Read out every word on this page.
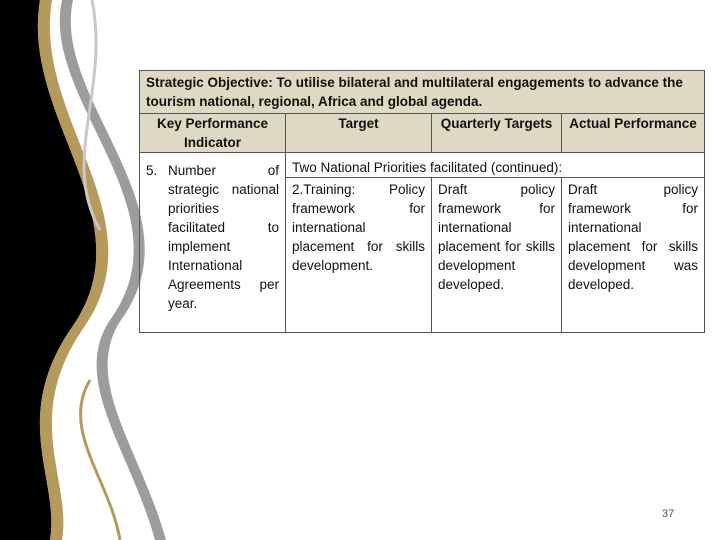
Strategic Objective: To utilise bilateral and multilateral engagements to advance the tourism national, regional, Africa and global agenda.			
Key Performance Indicator	Target	Quarterly Targets	Actual Performance

5. Number of strategic national priorities facilitated to implement International Agreements per year.	Two National Priorities facilitated (continued):		
	2.Training: Policy framework for international placement for skills development.	Draft policy framework for international placement for skills development developed.	Draft policy framework for international placement for skills development was developed.
37
